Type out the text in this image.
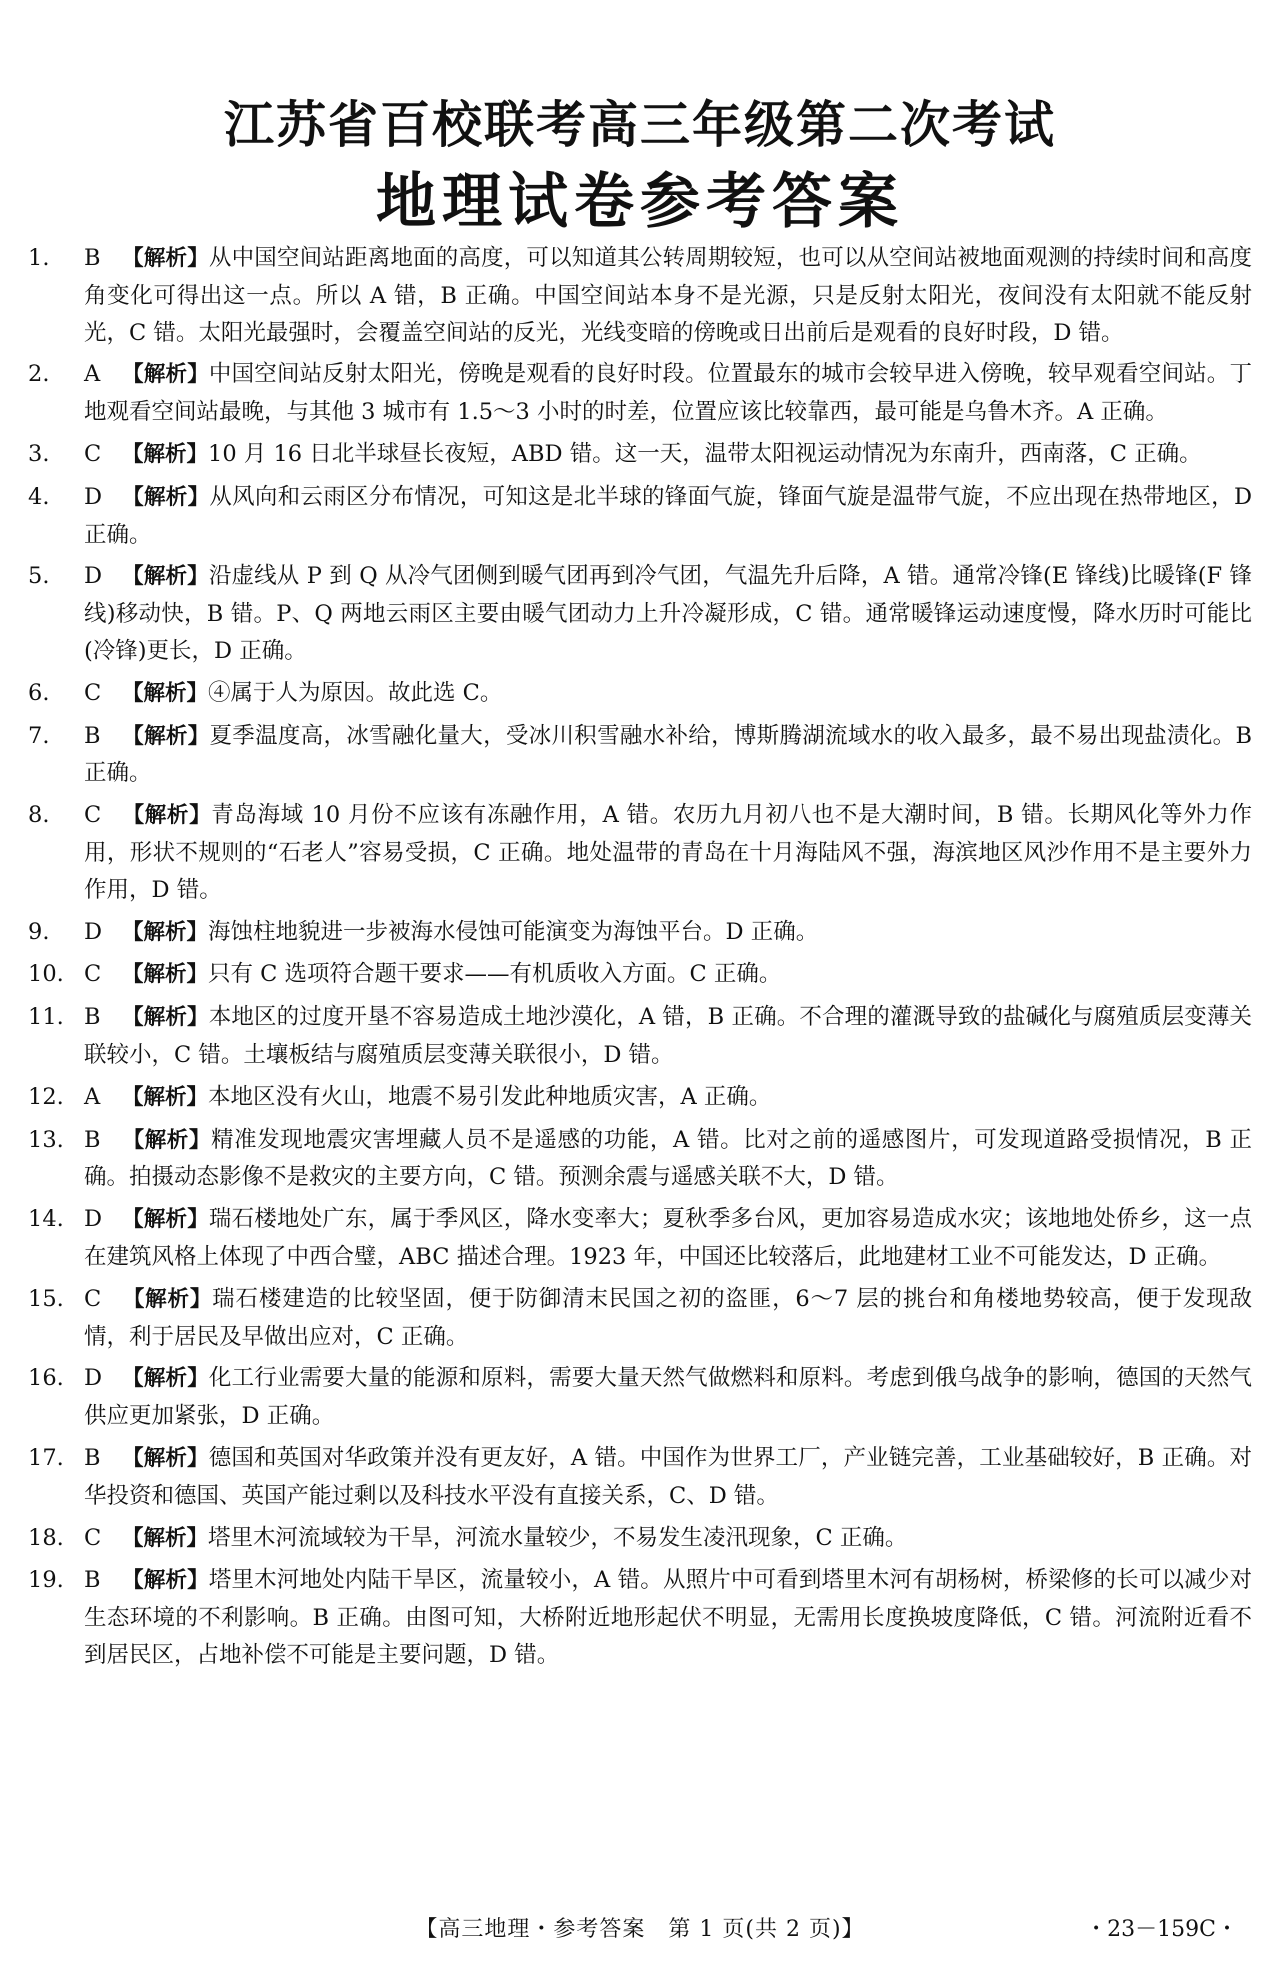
江苏省百校联考高三年级第二次考试
地理试卷参考答案
1. B 【解析】从中国空间站距离地面的高度，可以知道其公转周期较短，也可以从空间站被地面观测的持续时间和高度角变化可得出这一点。所以 A 错，B 正确。中国空间站本身不是光源，只是反射太阳光，夜间没有太阳就不能反射光，C 错。太阳光最强时，会覆盖空间站的反光，光线变暗的傍晚或日出前后是观看的良好时段，D 错。
2. A 【解析】中国空间站反射太阳光，傍晚是观看的良好时段。位置最东的城市会较早进入傍晚，较早观看空间站。丁地观看空间站最晚，与其他 3 城市有 1.5～3 小时的时差，位置应该比较靠西，最可能是乌鲁木齐。A 正确。
3. C 【解析】10 月 16 日北半球昼长夜短，ABD 错。这一天，温带太阳视运动情况为东南升，西南落，C 正确。
4. D 【解析】从风向和云雨区分布情况，可知这是北半球的锋面气旋，锋面气旋是温带气旋，不应出现在热带地区，D 正确。
5. D 【解析】沿虚线从 P 到 Q 从冷气团侧到暖气团再到冷气团，气温先升后降，A 错。通常冷锋(E 锋线)比暖锋(F 锋线)移动快，B 错。P、Q 两地云雨区主要由暖气团动力上升冷凝形成，C 错。通常暖锋运动速度慢，降水历时可能比(冷锋)更长，D 正确。
6. C 【解析】④属于人为原因。故此选 C。
7. B 【解析】夏季温度高，冰雪融化量大，受冰川积雪融水补给，博斯腾湖流域水的收入最多，最不易出现盐渍化。B 正确。
8. C 【解析】青岛海域 10 月份不应该有冻融作用，A 错。农历九月初八也不是大潮时间，B 错。长期风化等外力作用，形状不规则的“石老人”容易受损，C 正确。地处温带的青岛在十月海陆风不强，海滨地区风沙作用不是主要外力作用，D 错。
9. D 【解析】海蚀柱地貌进一步被海水侵蚀可能演变为海蚀平台。D 正确。
10. C 【解析】只有 C 选项符合题干要求——有机质收入方面。C 正确。
11. B 【解析】本地区的过度开垦不容易造成土地沙漠化，A 错，B 正确。不合理的灌溉导致的盐碱化与腐殖质层变薄关联较小，C 错。土壤板结与腐殖质层变薄关联很小，D 错。
12. A 【解析】本地区没有火山，地震不易引发此种地质灾害，A 正确。
13. B 【解析】精准发现地震灾害埋藏人员不是遥感的功能，A 错。比对之前的遥感图片，可发现道路受损情况，B 正确。拍摄动态影像不是救灾的主要方向，C 错。预测余震与遥感关联不大，D 错。
14. D 【解析】瑞石楼地处广东，属于季风区，降水变率大；夏秋季多台风，更加容易造成水灾；该地地处侨乡，这一点在建筑风格上体现了中西合璧，ABC 描述合理。1923 年，中国还比较落后，此地建材工业不可能发达，D 正确。
15. C 【解析】瑞石楼建造的比较坚固，便于防御清末民国之初的盗匪，6～7 层的挑台和角楼地势较高，便于发现敌情，利于居民及早做出应对，C 正确。
16. D 【解析】化工行业需要大量的能源和原料，需要大量天然气做燃料和原料。考虑到俄乌战争的影响，德国的天然气供应更加紧张，D 正确。
17. B 【解析】德国和英国对华政策并没有更友好，A 错。中国作为世界工厂，产业链完善，工业基础较好，B 正确。对华投资和德国、英国产能过剩以及科技水平没有直接关系，C、D 错。
18. C 【解析】塔里木河流域较为干旱，河流水量较少，不易发生凌汛现象，C 正确。
19. B 【解析】塔里木河地处内陆干旱区，流量较小，A 错。从照片中可看到塔里木河有胡杨树，桥梁修的长可以减少对生态环境的不利影响。B 正确。由图可知，大桥附近地形起伏不明显，无需用长度换坡度降低，C 错。河流附近看不到居民区，占地补偿不可能是主要问题，D 错。
【高三地理・参考答案　第 1 页(共 2 页)】	・23－159C・
